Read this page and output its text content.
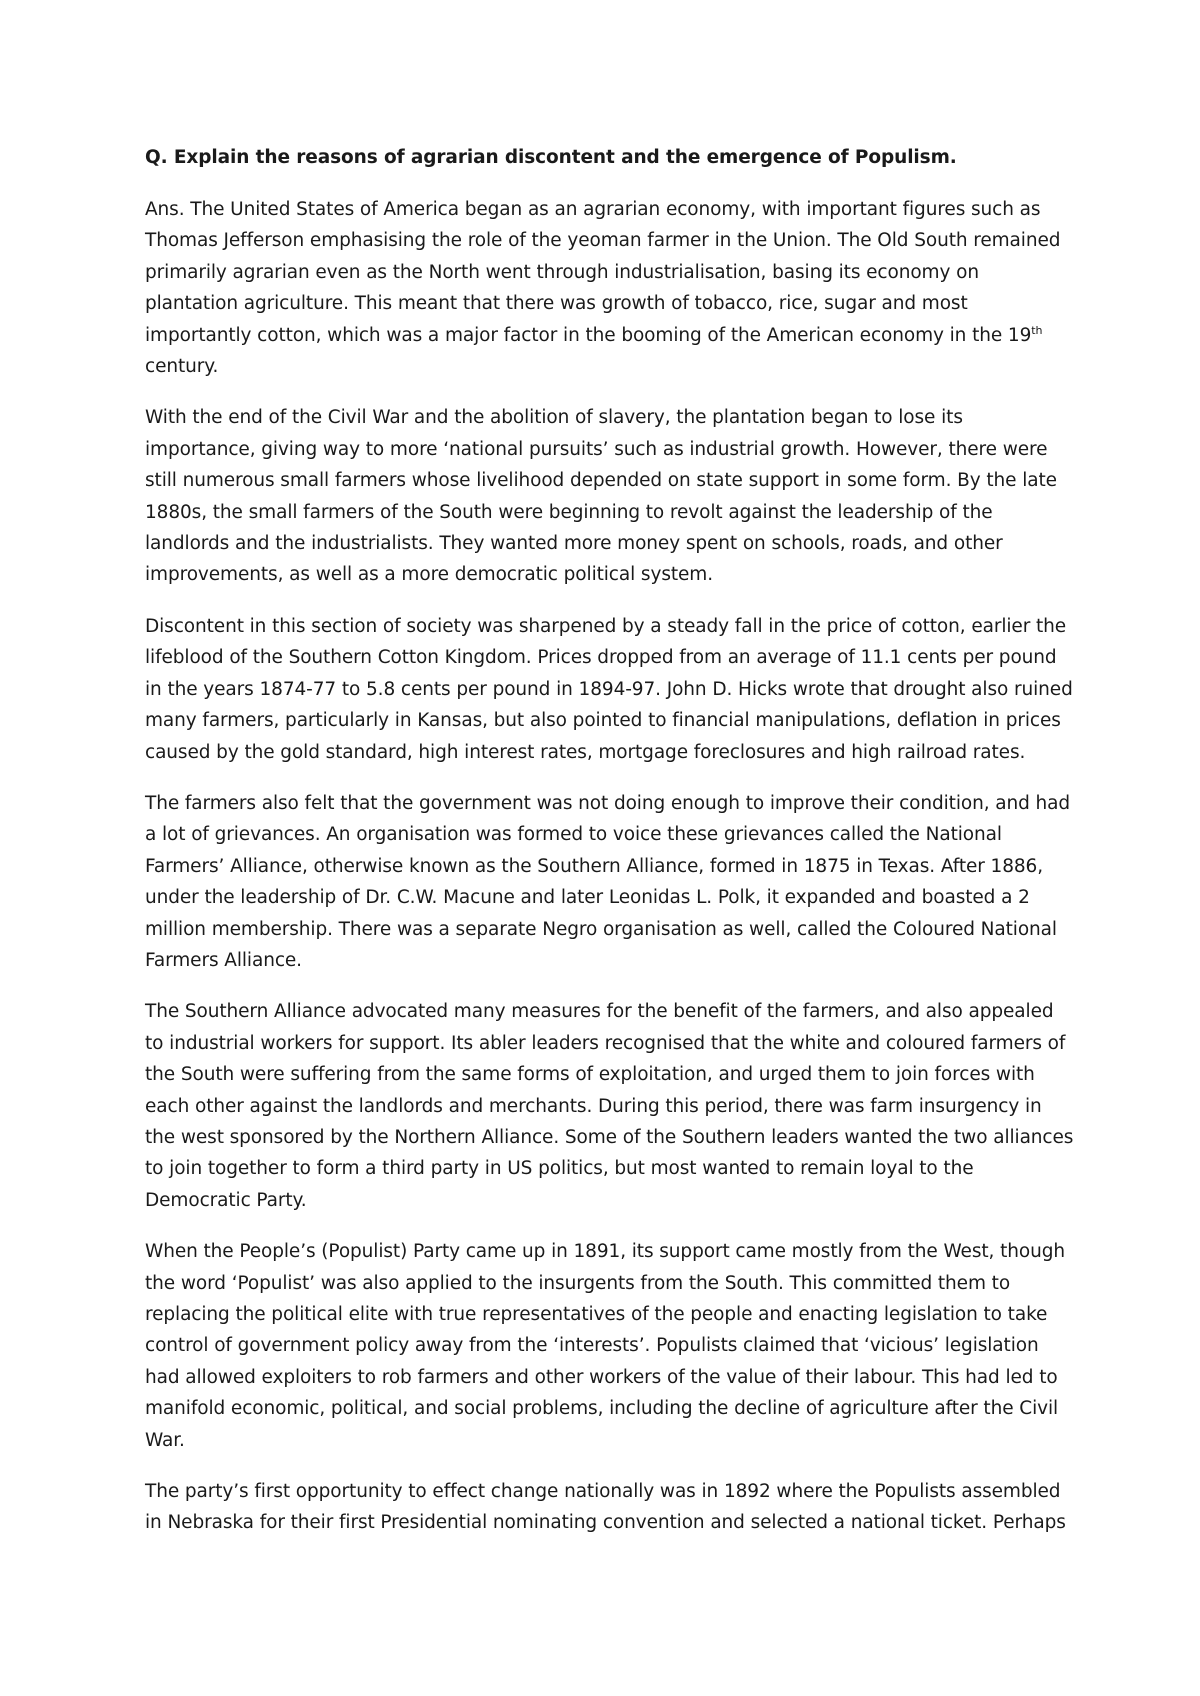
Q. Explain the reasons of agrarian discontent and the emergence of Populism.

Ans. The United States of America began as an agrarian economy, with important figures such as Thomas Jefferson emphasising the role of the yeoman farmer in the Union. The Old South remained primarily agrarian even as the North went through industrialisation, basing its economy on plantation agriculture. This meant that there was growth of tobacco, rice, sugar and most importantly cotton, which was a major factor in the booming of the American economy in the 19th century.

With the end of the Civil War and the abolition of slavery, the plantation began to lose its importance, giving way to more ‘national pursuits’ such as industrial growth. However, there were still numerous small farmers whose livelihood depended on state support in some form. By the late 1880s, the small farmers of the South were beginning to revolt against the leadership of the landlords and the industrialists. They wanted more money spent on schools, roads, and other improvements, as well as a more democratic political system.

Discontent in this section of society was sharpened by a steady fall in the price of cotton, earlier the lifeblood of the Southern Cotton Kingdom. Prices dropped from an average of 11.1 cents per pound in the years 1874-77 to 5.8 cents per pound in 1894-97. John D. Hicks wrote that drought also ruined many farmers, particularly in Kansas, but also pointed to financial manipulations, deflation in prices caused by the gold standard, high interest rates, mortgage foreclosures and high railroad rates.

The farmers also felt that the government was not doing enough to improve their condition, and had a lot of grievances. An organisation was formed to voice these grievances called the National Farmers’ Alliance, otherwise known as the Southern Alliance, formed in 1875 in Texas. After 1886, under the leadership of Dr. C.W. Macune and later Leonidas L. Polk, it expanded and boasted a 2 million membership. There was a separate Negro organisation as well, called the Coloured National Farmers Alliance.

The Southern Alliance advocated many measures for the benefit of the farmers, and also appealed to industrial workers for support. Its abler leaders recognised that the white and coloured farmers of the South were suffering from the same forms of exploitation, and urged them to join forces with each other against the landlords and merchants. During this period, there was farm insurgency in the west sponsored by the Northern Alliance. Some of the Southern leaders wanted the two alliances to join together to form a third party in US politics, but most wanted to remain loyal to the Democratic Party.

When the People’s (Populist) Party came up in 1891, its support came mostly from the West, though the word ‘Populist’ was also applied to the insurgents from the South. This committed them to replacing the political elite with true representatives of the people and enacting legislation to take control of government policy away from the ‘interests’. Populists claimed that ‘vicious’ legislation had allowed exploiters to rob farmers and other workers of the value of their labour. This had led to manifold economic, political, and social problems, including the decline of agriculture after the Civil War.

The party’s first opportunity to effect change nationally was in 1892 where the Populists assembled in Nebraska for their first Presidential nominating convention and selected a national ticket. Perhaps
